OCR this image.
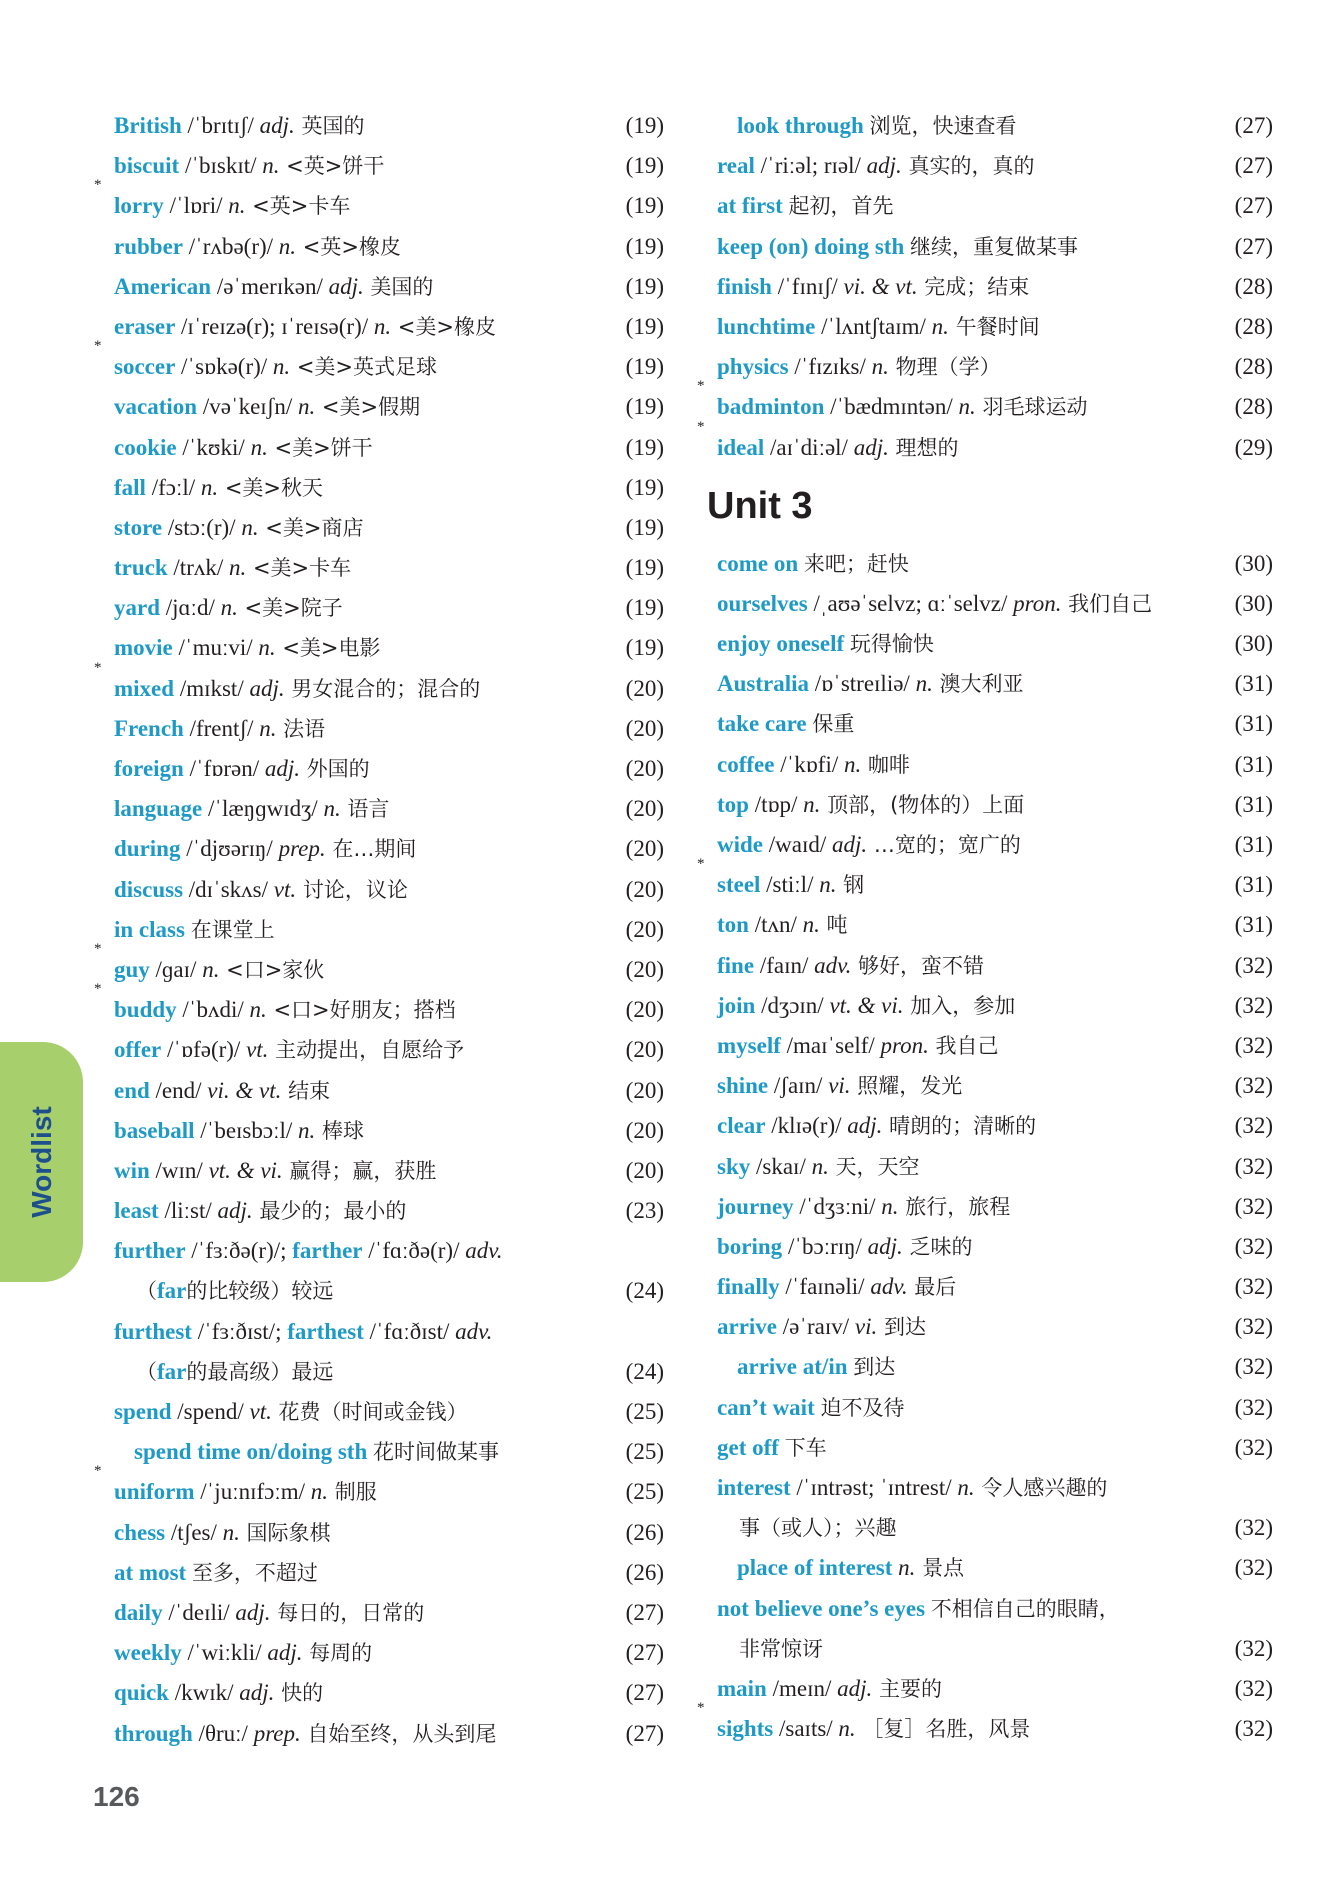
British /ˈbrɪtɪʃ/ adj. 英国的	(19)
biscuit /ˈbɪskɪt/ n. <英>饼干	(19)
*
lorry /ˈlɒri/ n. <英>卡车	(19)
rubber /ˈrʌbə(r)/ n. <英>橡皮	(19)
American /əˈmerɪkən/ adj. 美国的	(19)
eraser /ɪˈreɪzə(r); ɪˈreɪsə(r)/ n. <美>橡皮	(19)
*
soccer /ˈsɒkə(r)/ n. <美>英式足球	(19)
vacation /vəˈkeɪʃn/ n. <美>假期	(19)
cookie /ˈkʊki/ n. <美>饼干	(19)
fall /fɔːl/ n. <美>秋天	(19)
store /stɔː(r)/ n. <美>商店	(19)
truck /trʌk/ n. <美>卡车	(19)
yard /jɑːd/ n. <美>院子	(19)
movie /ˈmuːvi/ n. <美>电影	(19)
*
mixed /mɪkst/ adj. 男女混合的；混合的	(20)
French /frentʃ/ n. 法语	(20)
foreign /ˈfɒrən/ adj. 外国的	(20)
language /ˈlæŋɡwɪdʒ/ n. 语言	(20)
during /ˈdjʊərɪŋ/ prep. 在…期间	(20)
discuss /dɪˈskʌs/ vt. 讨论，议论	(20)
in class 在课堂上	(20)
*
guy /ɡaɪ/ n. <口>家伙	(20)
*
buddy /ˈbʌdi/ n. <口>好朋友；搭档	(20)
offer /ˈɒfə(r)/ vt. 主动提出，自愿给予	(20)
end /end/ vi. & vt. 结束	(20)
baseball /ˈbeɪsbɔːl/ n. 棒球	(20)
win /wɪn/ vt. & vi. 赢得；赢，获胜	(20)
least /liːst/ adj. 最少的；最小的	(23)
further /ˈfɜːðə(r)/; farther /ˈfɑːðə(r)/ adv.
（far的比较级）较远	(24)
furthest /ˈfɜːðɪst/; farthest /ˈfɑːðɪst/ adv.
（far的最高级）最远	(24)
spend /spend/ vt. 花费（时间或金钱）	(25)
spend time on/doing sth 花时间做某事	(25)
*
uniform /ˈjuːnɪfɔːm/ n. 制服	(25)
chess /tʃes/ n. 国际象棋	(26)
at most 至多，不超过	(26)
daily /ˈdeɪli/ adj. 每日的，日常的	(27)
weekly /ˈwiːkli/ adj. 每周的	(27)
quick /kwɪk/ adj. 快的	(27)
through /θruː/ prep. 自始至终，从头到尾	(27)
look through 浏览，快速查看	(27)
real /ˈriːəl; rɪəl/ adj. 真实的，真的	(27)
at first 起初，首先	(27)
keep (on) doing sth 继续，重复做某事	(27)
finish /ˈfɪnɪʃ/ vi. & vt. 完成；结束	(28)
lunchtime /ˈlʌntʃtaɪm/ n. 午餐时间	(28)
physics /ˈfɪzɪks/ n. 物理（学）	(28)
*
badminton /ˈbædmɪntən/ n. 羽毛球运动	(28)
*
ideal /aɪˈdiːəl/ adj. 理想的	(29)
Unit 3
come on 来吧；赶快	(30)
ourselves /ˌaʊəˈselvz; ɑːˈselvz/ pron. 我们自己	(30)
enjoy oneself 玩得愉快	(30)
Australia /ɒˈstreɪliə/ n. 澳大利亚	(31)
take care 保重	(31)
coffee /ˈkɒfi/ n. 咖啡	(31)
top /tɒp/ n. 顶部，(物体的）上面	(31)
wide /waɪd/ adj. …宽的；宽广的	(31)
*
steel /stiːl/ n. 钢	(31)
ton /tʌn/ n. 吨	(31)
fine /faɪn/ adv. 够好，蛮不错	(32)
join /dʒɔɪn/ vt. & vi. 加入，参加	(32)
myself /maɪˈself/ pron. 我自己	(32)
shine /ʃaɪn/ vi. 照耀，发光	(32)
clear /klɪə(r)/ adj. 晴朗的；清晰的	(32)
sky /skaɪ/ n. 天，天空	(32)
journey /ˈdʒɜːni/ n. 旅行，旅程	(32)
boring /ˈbɔːrɪŋ/ adj. 乏味的	(32)
finally /ˈfaɪnəli/ adv. 最后	(32)
arrive /əˈraɪv/ vi. 到达	(32)
arrive at/in 到达	(32)
can’t wait 迫不及待	(32)
get off 下车	(32)
interest /ˈɪntrəst; ˈɪntrest/ n. 令人感兴趣的
事（或人）；兴趣	(32)
place of interest n. 景点	(32)
not believe one’s eyes 不相信自己的眼睛，
非常惊讶	(32)
main /meɪn/ adj. 主要的	(32)
*
sights /saɪts/ n. ［复］名胜，风景	(32)
Wordlist
126
